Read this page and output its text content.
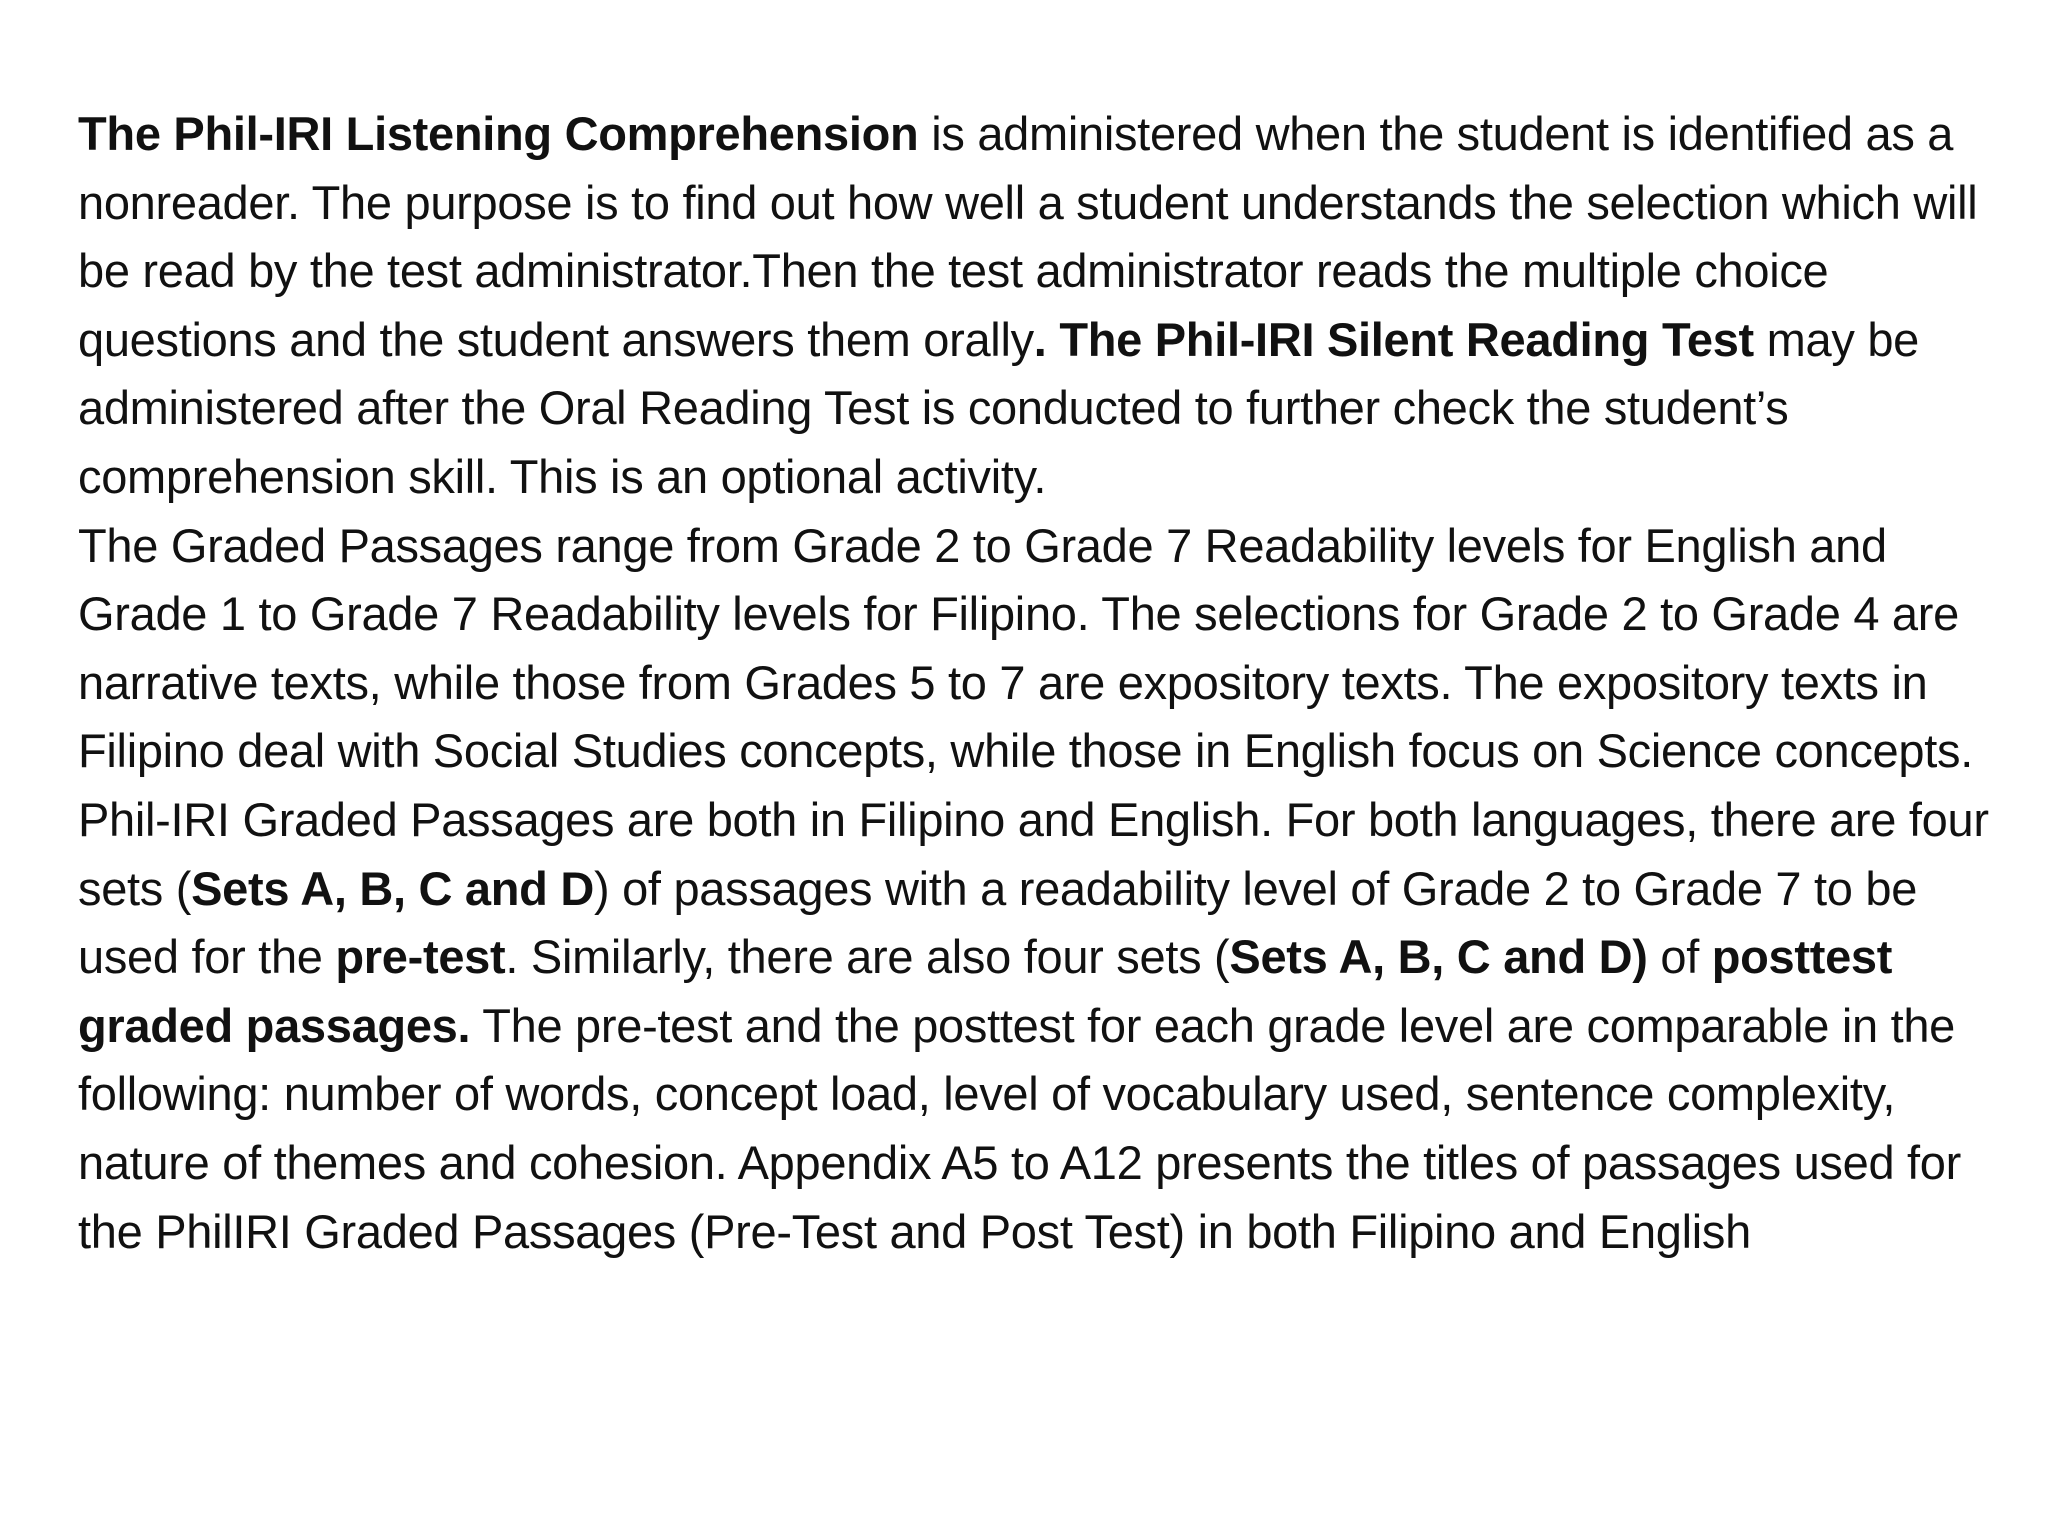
The Phil-IRI Listening Comprehension is administered when the student is identified as a nonreader. The purpose is to find out how well a student understands the selection which will be read by the test administrator.Then the test administrator reads the multiple choice questions and the student answers them orally. The Phil-IRI Silent Reading Test may be administered after the Oral Reading Test is conducted to further check the student’s comprehension skill. This is an optional activity.

The Graded Passages range from Grade 2 to Grade 7 Readability levels for English and Grade 1 to Grade 7 Readability levels for Filipino. The selections for Grade 2 to Grade 4 are narrative texts, while those from Grades 5 to 7 are expository texts. The expository texts in Filipino deal with Social Studies concepts, while those in English focus on Science concepts.

Phil-IRI Graded Passages are both in Filipino and English. For both languages, there are four sets (Sets A, B, C and D) of passages with a readability level of Grade 2 to Grade 7 to be used for the pre-test. Similarly, there are also four sets (Sets A, B, C and D) of posttest graded passages. The pre-test and the posttest for each grade level are comparable in the following: number of words, concept load, level of vocabulary used, sentence complexity, nature of themes and cohesion. Appendix A5 to A12 presents the titles of passages used for the PhilIRI Graded Passages (Pre-Test and Post Test) in both Filipino and English
